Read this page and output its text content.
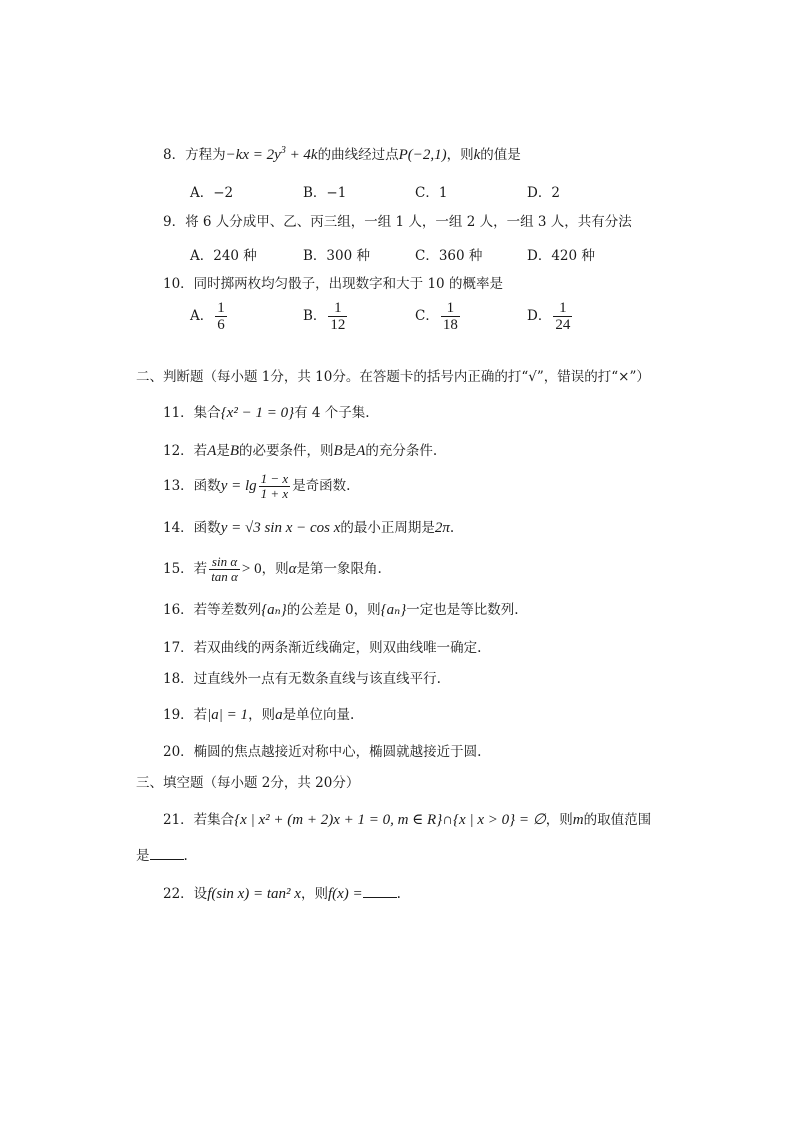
8．方程为$-kx = 2y^3 + 4k$的曲线经过点P(−2,1)，则k的值是
A．−2	B．−1	C．1	D．2
9．将 6 人分成甲、乙、丙三组，一组 1 人，一组 2 人，一组 3 人，共有分法
A．240 种	B．300 种	C．360 种	D．420 种
10．同时掷两枚均匀骰子，出现数字和大于 10 的概率是
A． $\frac{1}{6}$	B． $\frac{1}{12}$	C． $\frac{1}{18}$	D． $\frac{1}{24}$
二、判断题（每小题 1分，共 10分。在答题卡的括号内正确的打“√”，错误的打“×”）
11．集合{x² − 1 = 0}有 4 个子集.
12．若A是B的必要条件，则B是A的充分条件.
13．函数$y = \lg \frac{1 - x}{1 + x}$ 是奇函数.
14．函数y = √3 sin x − cos x的最小正周期是2π.
15．若 $\frac{\text{sin α}}{\text{tan α}} > 0$，则α是第一象限角.
16．若等差数列{aₙ}的公差是 0，则{aₙ}一定也是等比数列.
17．若双曲线的两条渐近线确定，则双曲线唯一确定.
18．过直线外一点有无数条直线与该直线平行.
19．若|a| = 1，则a是单位向量.
20．椭圆的焦点越接近对称中心，椭圆就越接近于圆.
三、填空题（每小题 2分，共 20分）
21．若集合{x | x² + (m + 2)x + 1 = 0, m ∈ R}∩{x | x > 0} = ∅，则m的取值范围
是	.
22．设f(sin x) = tan² x，则f(x) =	.
